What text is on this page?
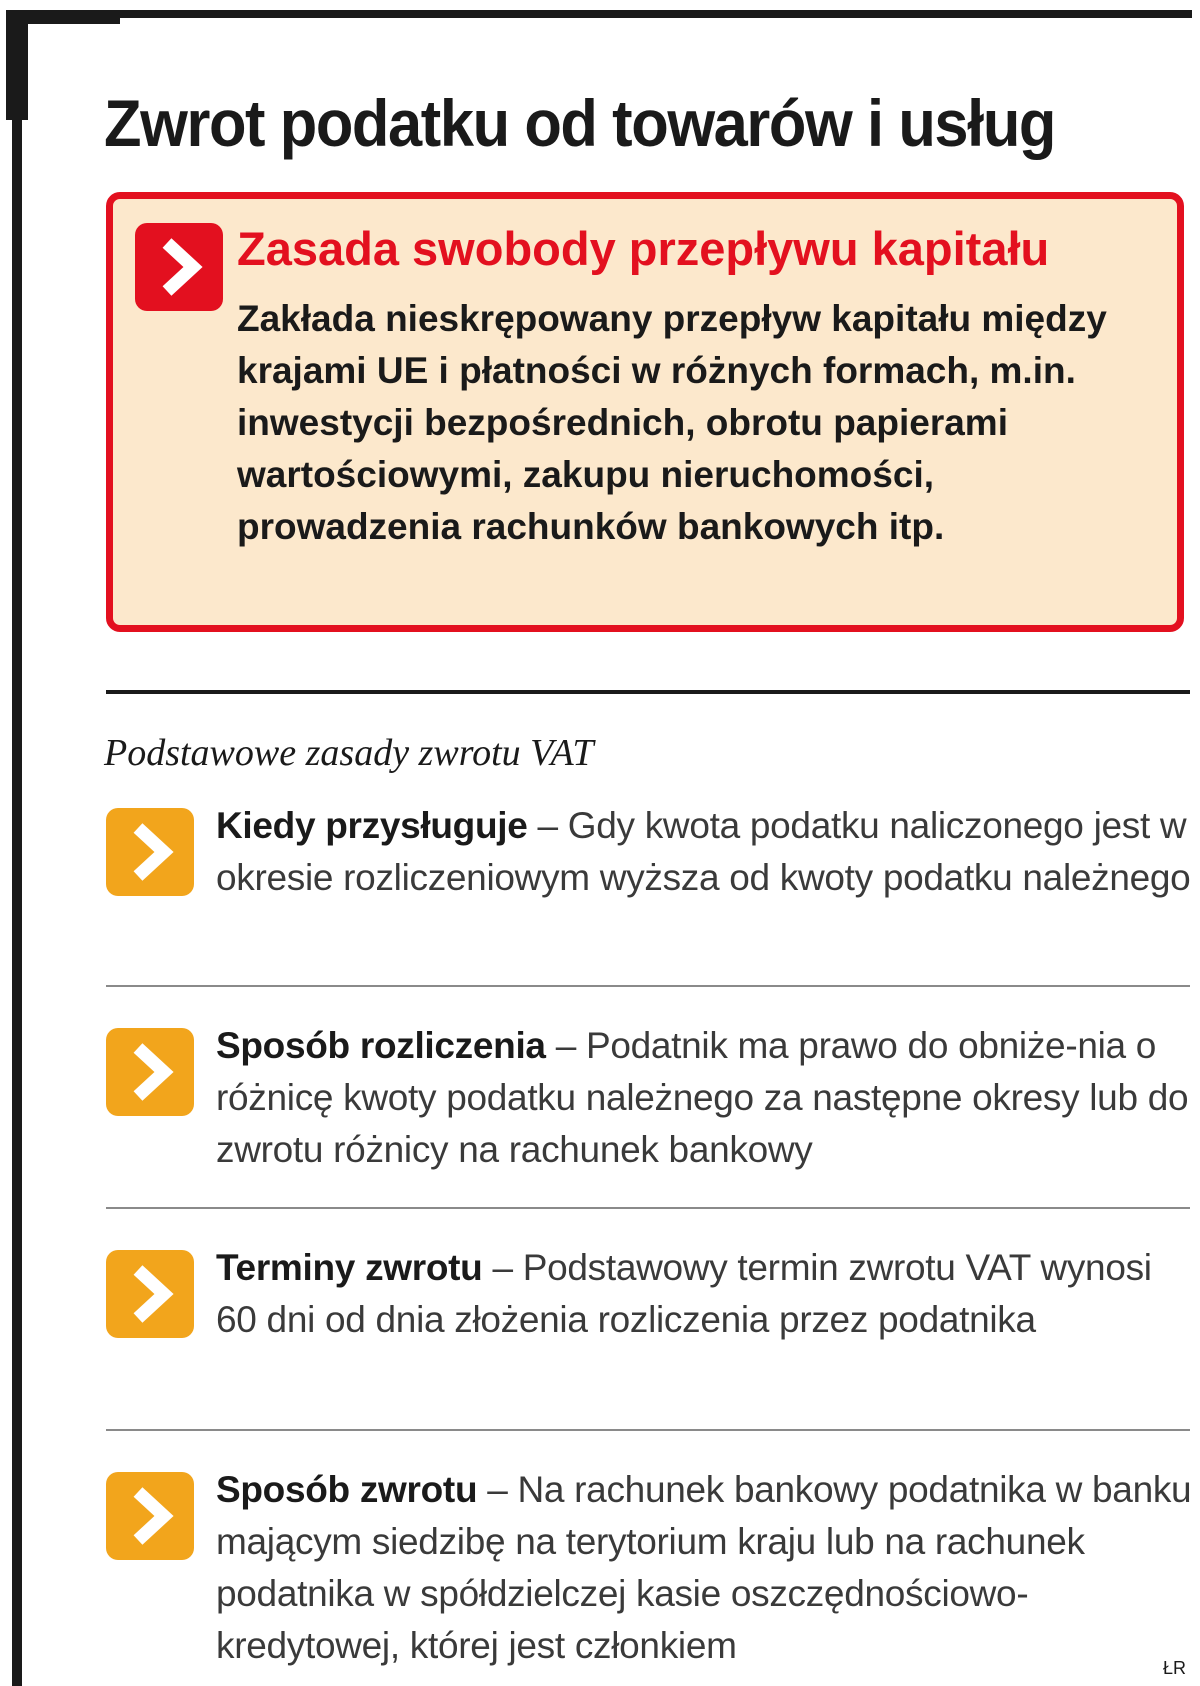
Zwrot podatku od towarów i usług
Zasada swobody przepływu kapitału

Zakłada nieskrępowany przepływ kapitału między krajami UE i płatności w różnych formach, m.in. inwestycji bezpośrednich, obrotu papierami wartościowymi, zakupu nieruchomości, prowadzenia rachunków bankowych itp.

Podstawowe zasady zwrotu VAT

Kiedy przysługuje – Gdy kwota podatku naliczonego jest w okresie rozliczeniowym wyższa od kwoty podatku należnego

Sposób rozliczenia – Podatnik ma prawo do obniże-nia o różnicę kwoty podatku należnego za następne okresy lub do zwrotu różnicy na rachunek bankowy

Terminy zwrotu – Podstawowy termin zwrotu VAT wynosi 60 dni od dnia złożenia rozliczenia przez podatnika

Sposób zwrotu – Na rachunek bankowy podatnika w banku mającym siedzibę na terytorium kraju lub na rachunek podatnika w spółdzielczej kasie oszczędnościowo-kredytowej, której jest członkiem

ŁR
